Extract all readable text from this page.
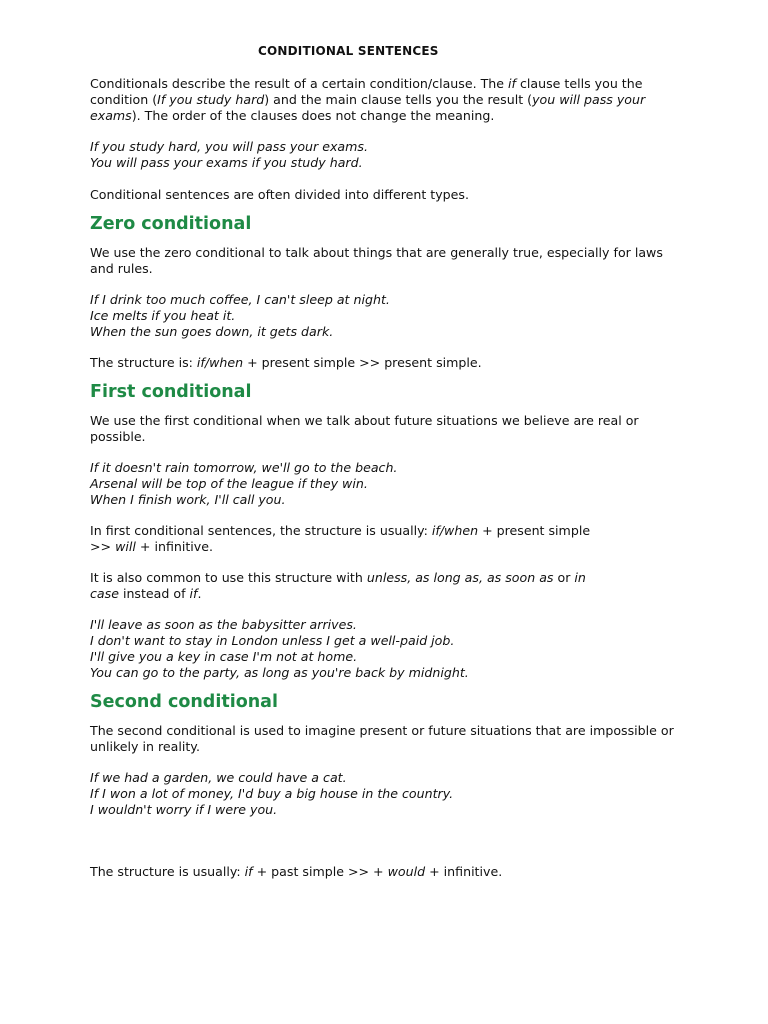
CONDITIONAL SENTENCES

Conditionals describe the result of a certain condition/clause. The if clause tells you the condition (If you study hard) and the main clause tells you the result (you will pass your exams). The order of the clauses does not change the meaning.

If you study hard, you will pass your exams.

You will pass your exams if you study hard.

Conditional sentences are often divided into different types.

Zero conditional

We use the zero conditional to talk about things that are generally true, especially for laws and rules.

If I drink too much coffee, I can't sleep at night.

Ice melts if you heat it.

When the sun goes down, it gets dark.

The structure is: if/when + present simple >> present simple.

First conditional

We use the first conditional when we talk about future situations we believe are real or possible.

If it doesn't rain tomorrow, we'll go to the beach.

Arsenal will be top of the league if they win.

When I finish work, I'll call you.

In first conditional sentences, the structure is usually: if/when + present simple
>> will + infinitive.

It is also common to use this structure with unless, as long as, as soon as or in
case instead of if.

I'll leave as soon as the babysitter arrives.

I don't want to stay in London unless I get a well-paid job.

I'll give you a key in case I'm not at home.

You can go to the party, as long as you're back by midnight.

Second conditional

The second conditional is used to imagine present or future situations that are impossible or unlikely in reality.

If we had a garden, we could have a cat.

If I won a lot of money, I'd buy a big house in the country.

I wouldn't worry if I were you.

The structure is usually: if + past simple >> + would + infinitive.
